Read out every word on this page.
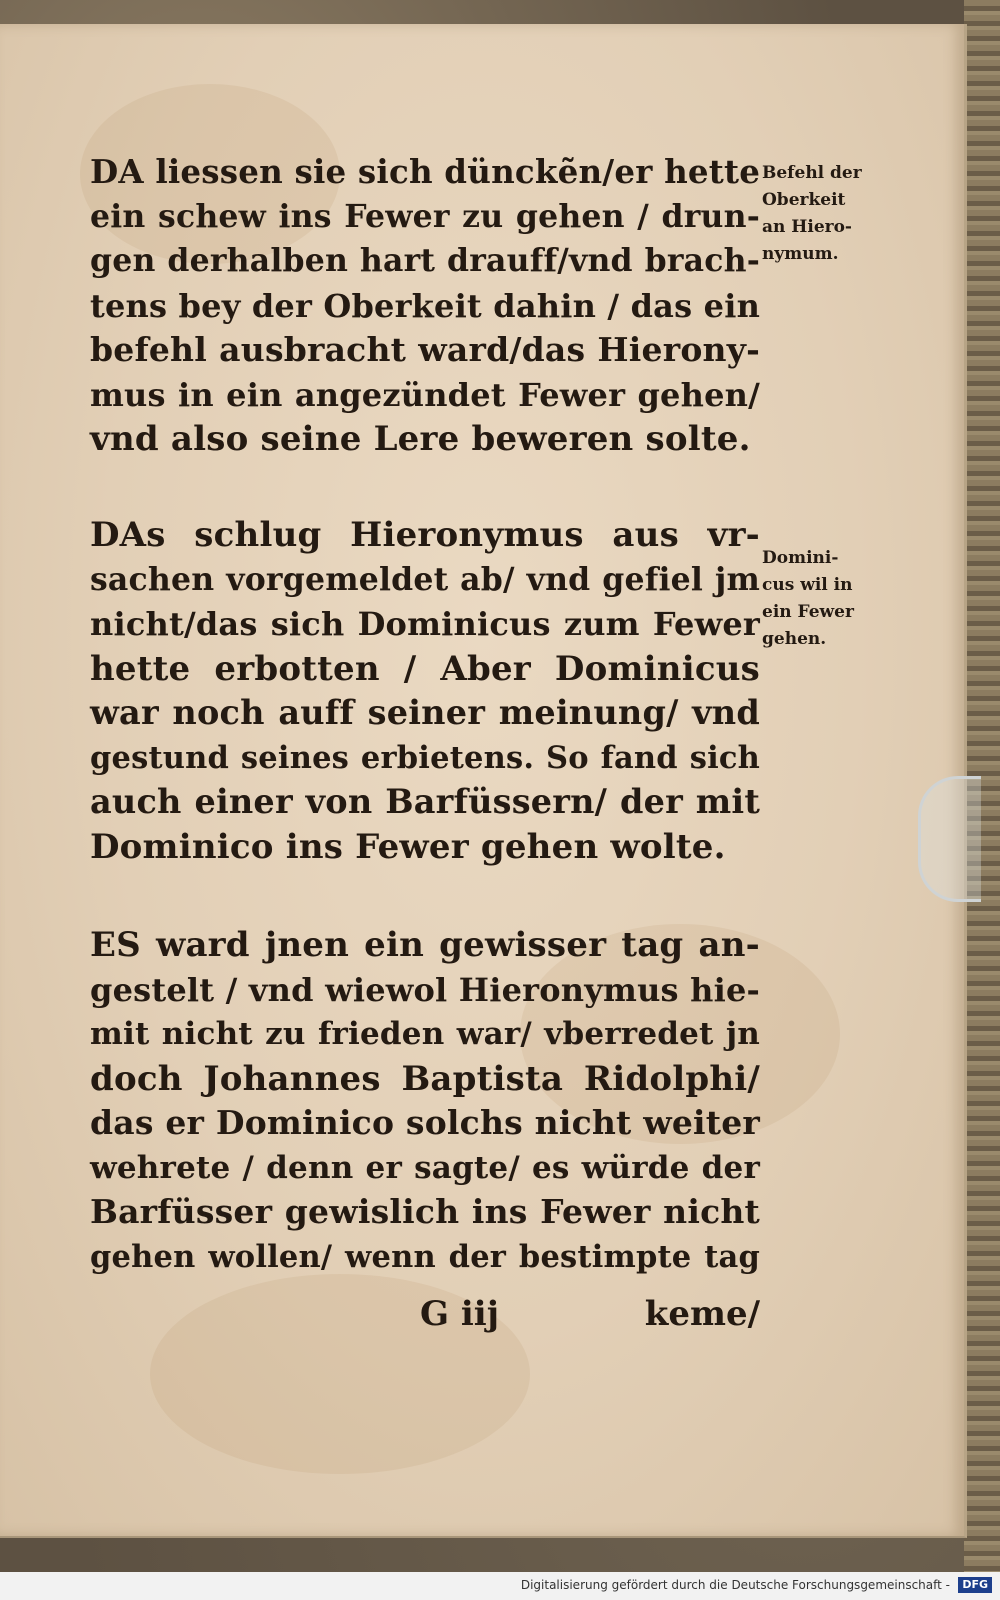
DA liessen sie sich dünckẽn/er hette
ein schew ins Fewer zu gehen / drun-
gen derhalben hart drauff/vnd brach-
tens bey der Oberkeit dahin / das ein
befehl ausbracht ward/das Hierony-
mus in ein angezündet Fewer gehen/
vnd also seine Lere beweren solte.
DAs schlug Hieronymus aus vr-
sachen vorgemeldet ab/ vnd gefiel jm
nicht/das sich Dominicus zum Fewer
hette erbotten / Aber Dominicus
war noch auff seiner meinung/ vnd
gestund seines erbietens. So fand sich
auch einer von Barfüssern/ der mit
Dominico ins Fewer gehen wolte.
ES ward jnen ein gewisser tag an-
gestelt / vnd wiewol Hieronymus hie-
mit nicht zu frieden war/ vberredet jn
doch Johannes Baptista Ridolphi/
das er Dominico solchs nicht weiter
wehrete / denn er sagte/ es würde der
Barfüsser gewislich ins Fewer nicht
gehen wollen/ wenn der bestimpte tag
G iij	keme/
Befehl der
Oberkeit
an Hiero-
nymum.
Domini-
cus wil in
ein Fewer
gehen.
Digitalisierung gefördert durch die Deutsche Forschungsgemeinschaft -	DFG
